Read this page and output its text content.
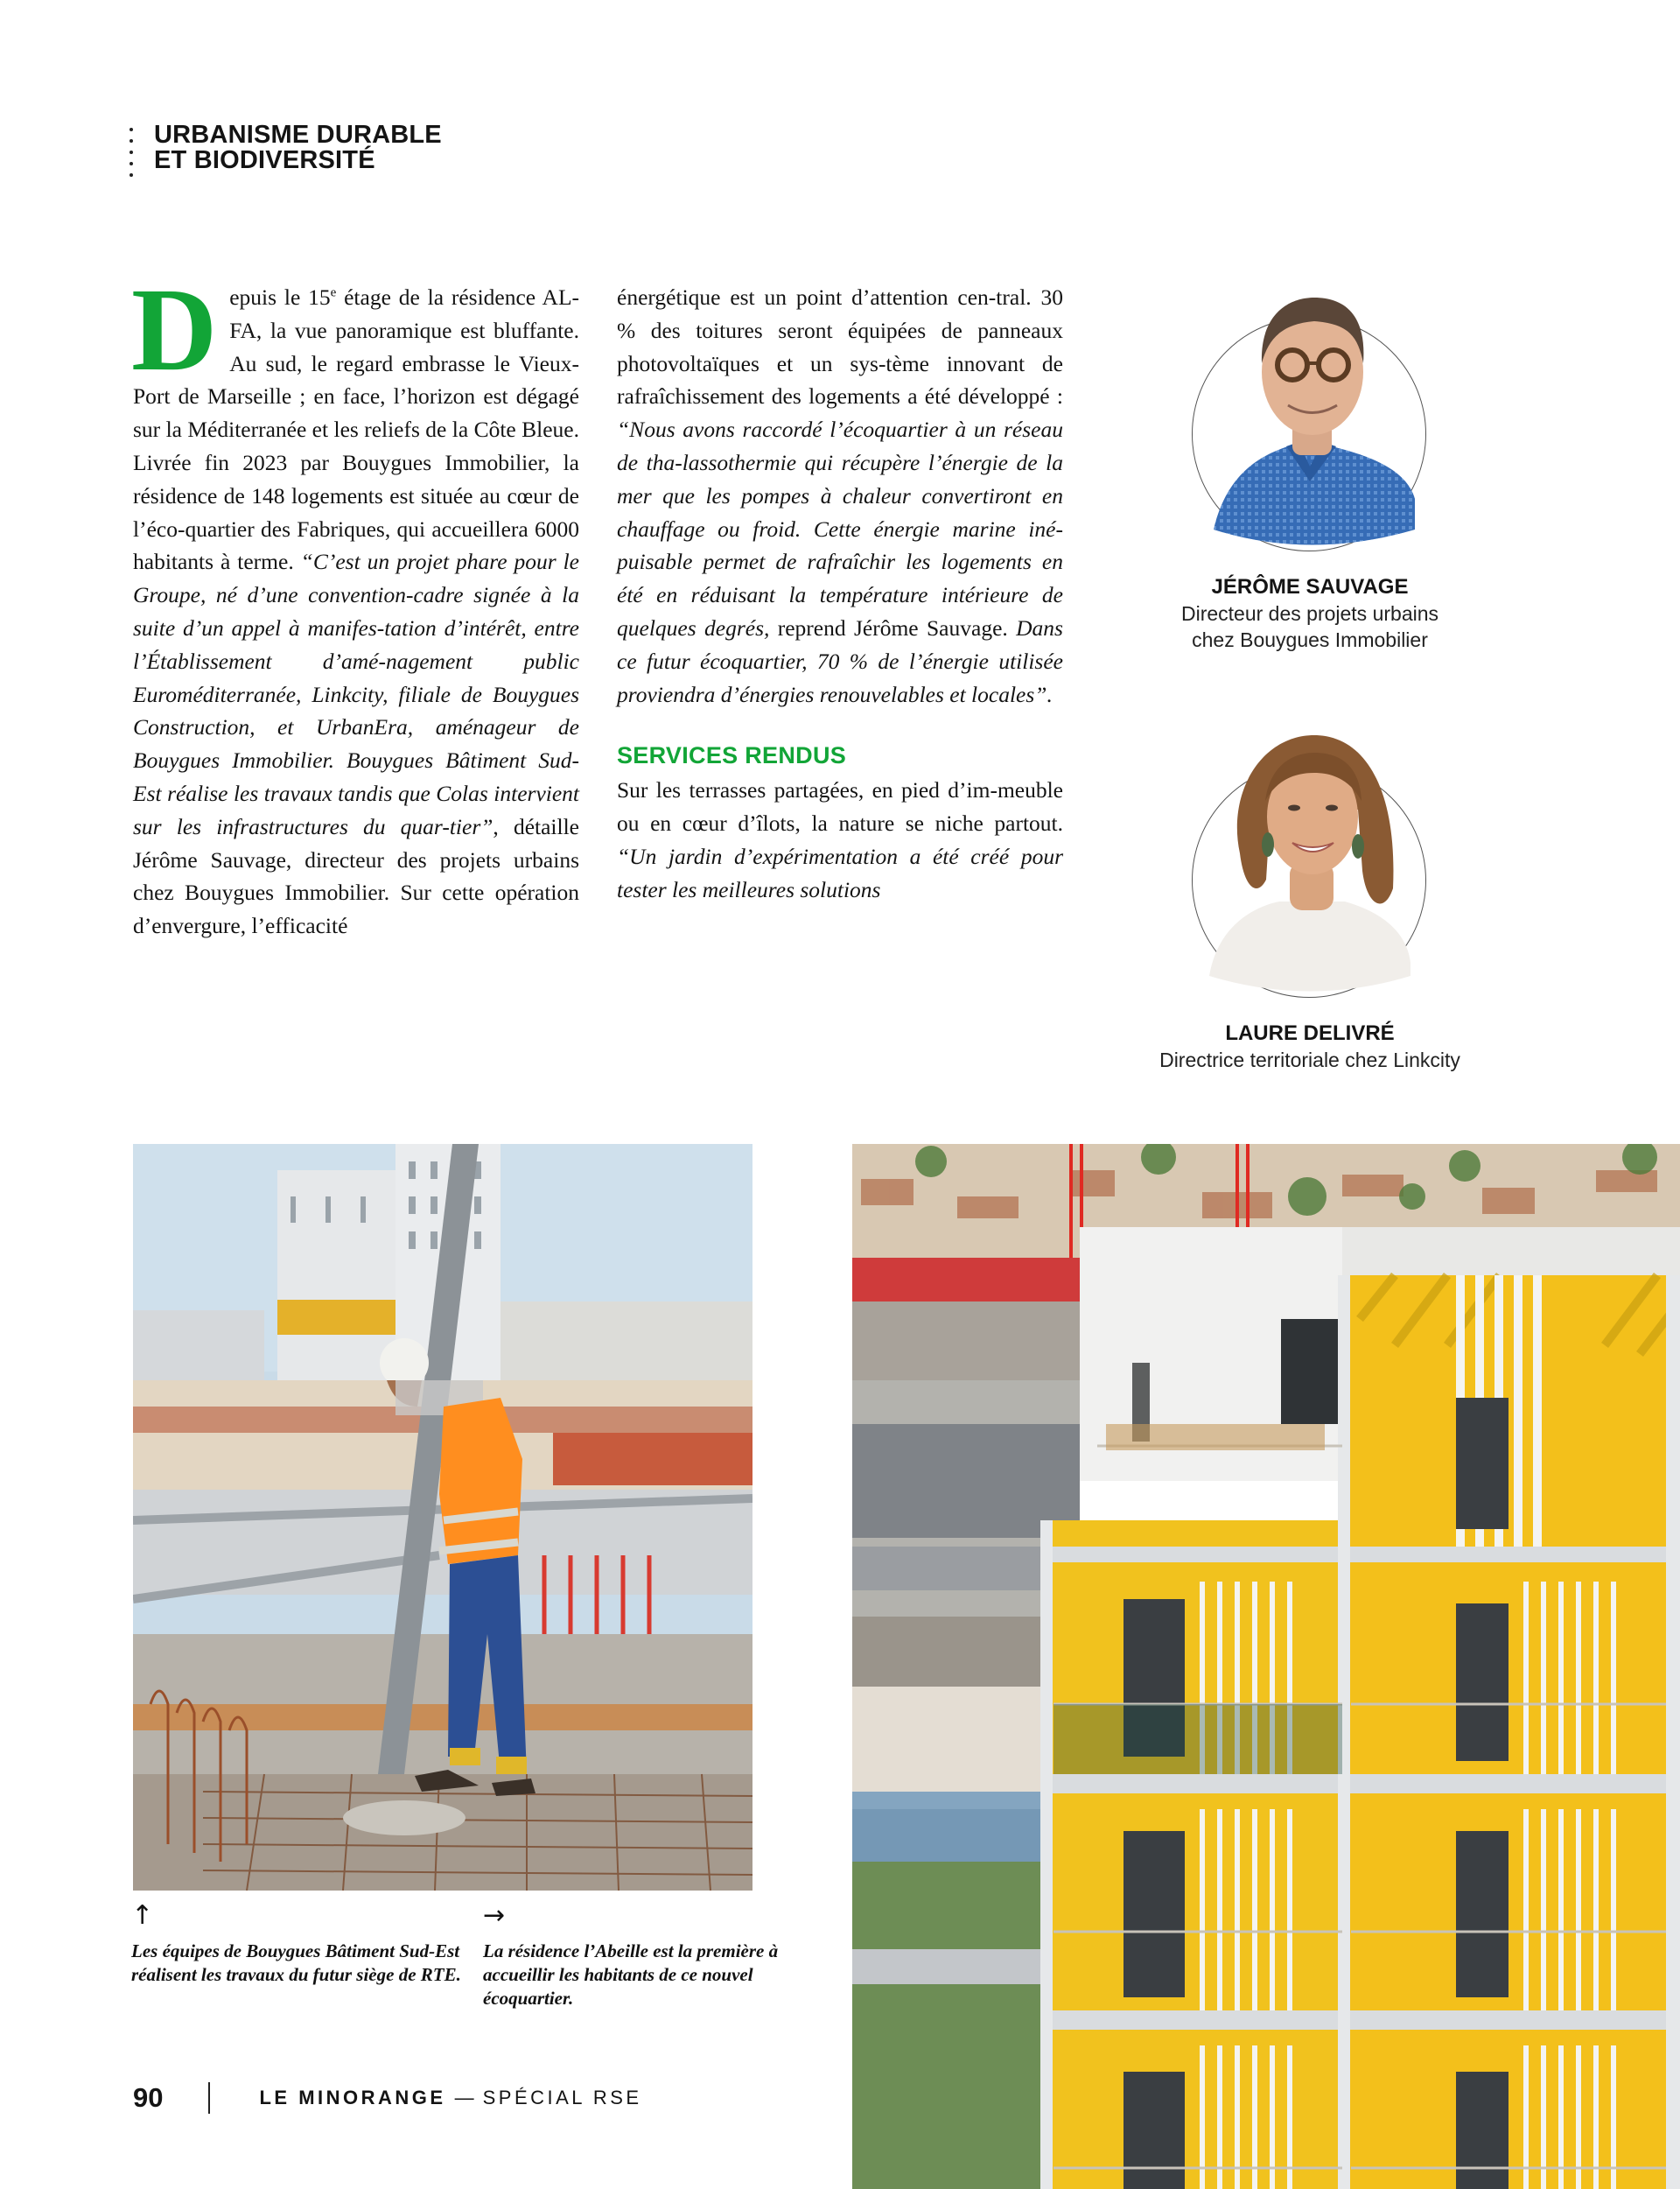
URBANISME DURABLE
ET BIODIVERSITÉ

Depuis le 15e étage de la résidence AL-FA, la vue panoramique est bluffante. Au sud, le regard embrasse le Vieux-Port de Marseille ; en face, l’horizon est dégagé sur la Méditerranée et les reliefs de la Côte Bleue. Livrée fin 2023 par Bouygues Immobilier, la résidence de 148 logements est située au cœur de l’éco-quartier des Fabriques, qui accueillera 6000 habitants à terme. “C’est un projet phare pour le Groupe, né d’une convention-cadre signée à la suite d’un appel à manifes-tation d’intérêt, entre l’Établissement d’amé-nagement public Euroméditerranée, Linkcity, filiale de Bouygues Construction, et UrbanEra, aménageur de Bouygues Immobilier. Bouygues Bâtiment Sud-Est réalise les travaux tandis que Colas intervient sur les infrastructures du quar-tier”, détaille Jérôme Sauvage, directeur des projets urbains chez Bouygues Immobilier. Sur cette opération d’envergure, l’efficacité

énergétique est un point d’attention cen-tral. 30 % des toitures seront équipées de panneaux photovoltaïques et un sys-tème innovant de rafraîchissement des logements a été développé : “Nous avons raccordé l’écoquartier à un réseau de tha-lassothermie qui récupère l’énergie de la mer que les pompes à chaleur convertiront en chauffage ou froid. Cette énergie marine iné-puisable permet de rafraîchir les logements en été en réduisant la température intérieure de quelques degrés, reprend Jérôme Sauvage. Dans ce futur écoquartier, 70 % de l’énergie utilisée proviendra d’énergies renouvelables et locales”.

SERVICES RENDUS

Sur les terrasses partagées, en pied d’im-meuble ou en cœur d’îlots, la nature se niche partout. “Un jardin d’expérimentation a été créé pour tester les meilleures solutions

JÉRÔME SAUVAGE
Directeur des projets urbains
chez Bouygues Immobilier
LAURE DELIVRÉ
Directrice territoriale chez Linkcity
↑
Les équipes de Bouygues Bâtiment Sud-Est réalisent les travaux du futur siège de RTE.
→
La résidence l’Abeille est la première à accueillir les habitants de ce nouvel écoquartier.
90	LE MINORANGE — SPÉCIAL RSE
